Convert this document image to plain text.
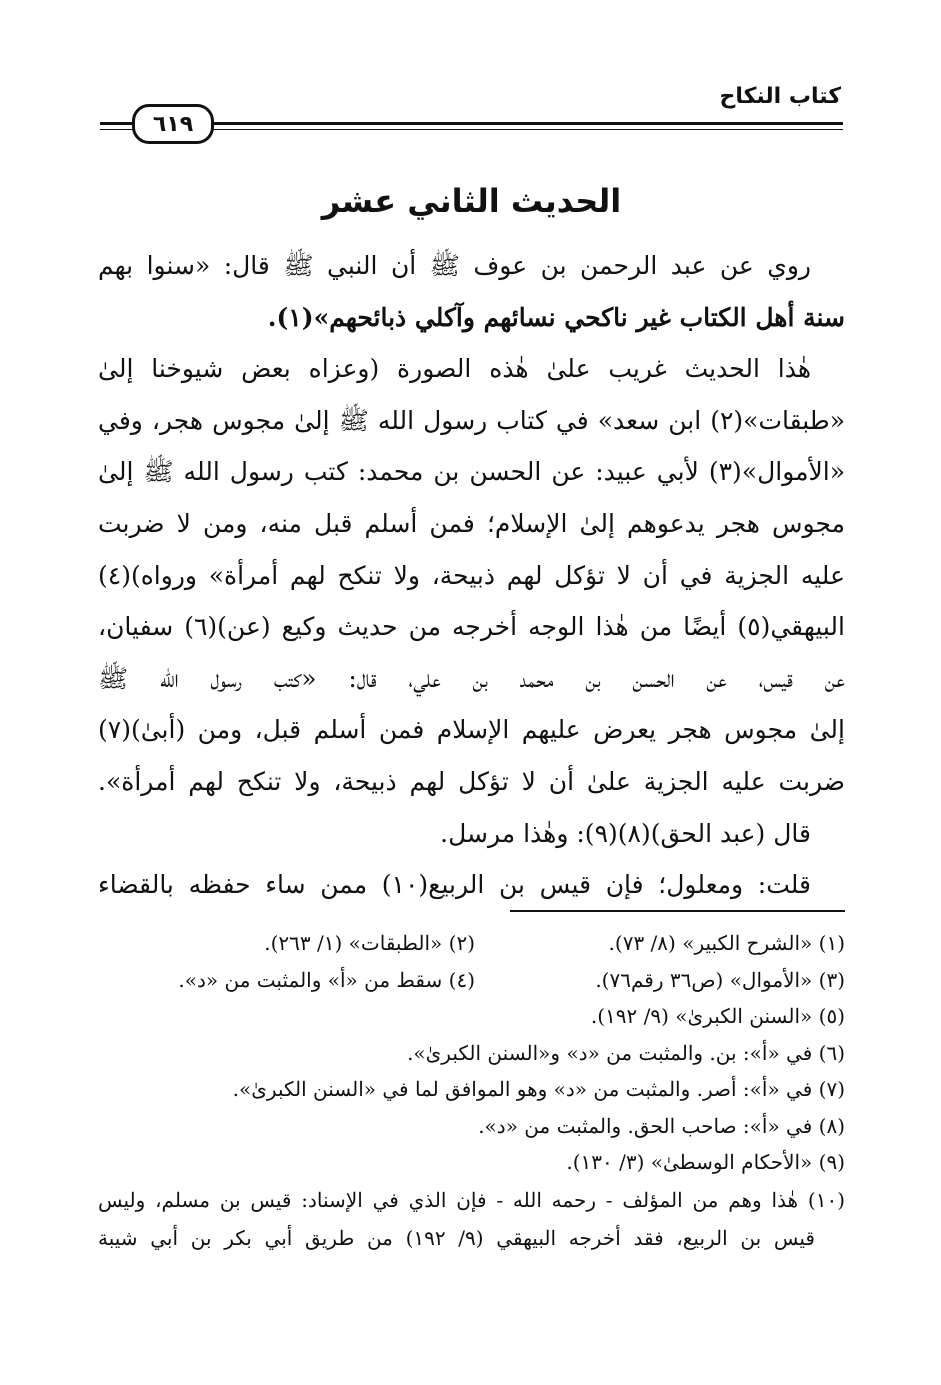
كتاب النكاح
٦١٩
الحديث الثاني عشر
روي عن عبد الرحمن بن عوف ﷺ أن النبي ﷺ قال: «سنوا بهم
سنة أهل الكتاب غير ناكحي نسائهم وآكلي ذبائحهم»(١).
هٰذا الحديث غريب علىٰ هٰذه الصورة (وعزاه بعض شيوخنا إلىٰ
«طبقات»(٢) ابن سعد» في كتاب رسول الله ﷺ إلىٰ مجوس هجر، وفي
«الأموال»(٣) لأبي عبيد: عن الحسن بن محمد: كتب رسول الله ﷺ إلىٰ
مجوس هجر يدعوهم إلىٰ الإسلام؛ فمن أسلم قبل منه، ومن لا ضربت
عليه الجزية في أن لا تؤكل لهم ذبيحة، ولا تنكح لهم أمرأة» ورواه)(٤)
البيهقي(٥) أيضًا من هٰذا الوجه أخرجه من حديث وكيع (عن)(٦) سفيان،
عن قيس، عن الحسن بن محمد بن علي، قال: «كتب رسول الله ﷺ
إلىٰ مجوس هجر يعرض عليهم الإسلام فمن أسلم قبل، ومن (أبىٰ)(٧)
ضربت عليه الجزية علىٰ أن لا تؤكل لهم ذبيحة، ولا تنكح لهم أمرأة».
قال (عبد الحق)(٨)(٩): وهٰذا مرسل.
قلت: ومعلول؛ فإن قيس بن الربيع(١٠) ممن ساء حفظه بالقضاء
(١) «الشرح الكبير» (٨/ ٧٣).
(٢) «الطبقات» (١/ ٢٦٣).
(٣) «الأموال» (ص٣٦ رقم٧٦).
(٤) سقط من «أ» والمثبت من «د».
(٥) «السنن الكبرىٰ» (٩/ ١٩٢).
(٦) في «أ»: بن. والمثبت من «د» و«السنن الكبرىٰ».
(٧) في «أ»: أصر. والمثبت من «د» وهو الموافق لما في «السنن الكبرىٰ».
(٨) في «أ»: صاحب الحق. والمثبت من «د».
(٩) «الأحكام الوسطىٰ» (٣/ ١٣٠).
(١٠) هٰذا وهم من المؤلف - رحمه الله - فإن الذي في الإسناد: قيس بن مسلم، وليس
قيس بن الربيع، فقد أخرجه البيهقي (٩/ ١٩٢) من طريق أبي بكر بن أبي شيبة
